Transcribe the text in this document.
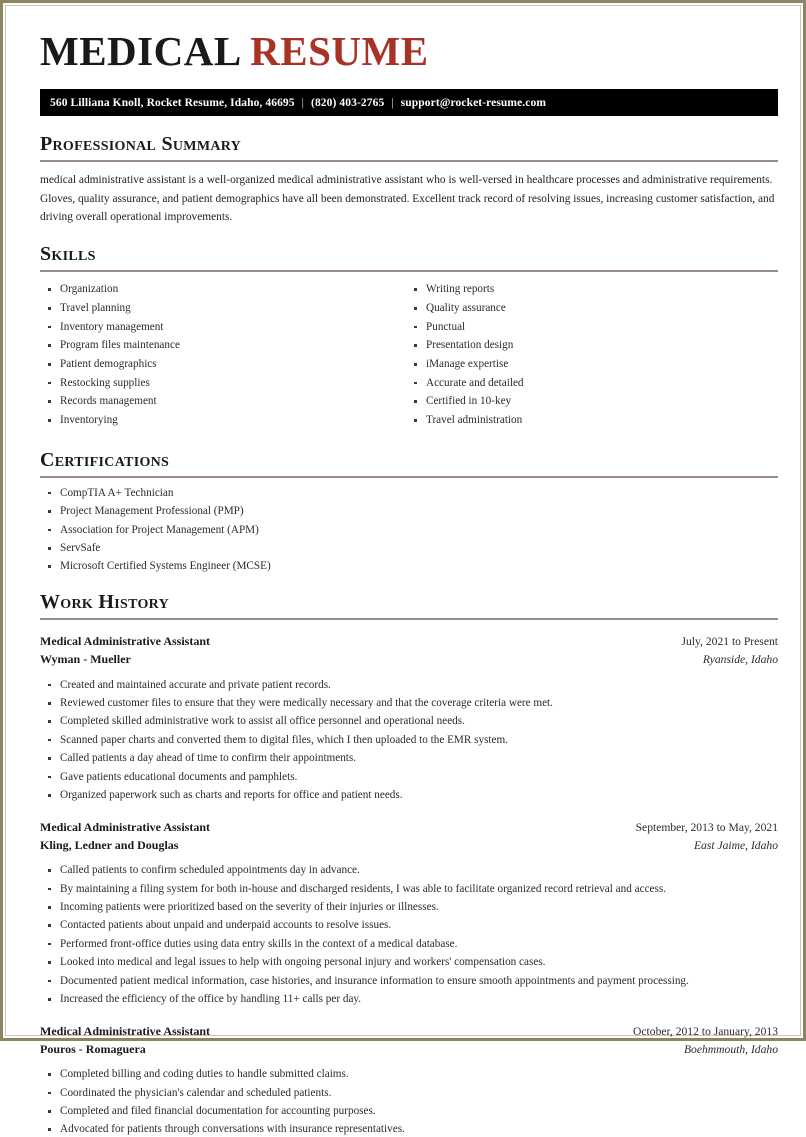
MEDICAL RESUME
560 Lilliana Knoll, Rocket Resume, Idaho, 46695 | (820) 403-2765 | support@rocket-resume.com
Professional Summary

medical administrative assistant is a well-organized medical administrative assistant who is well-versed in healthcare processes and administrative requirements. Gloves, quality assurance, and patient demographics have all been demonstrated. Excellent track record of resolving issues, increasing customer satisfaction, and driving overall operational improvements.

Skills
Organization
Travel planning
Inventory management
Program files maintenance
Patient demographics
Restocking supplies
Records management
Inventorying
Writing reports
Quality assurance
Punctual
Presentation design
iManage expertise
Accurate and detailed
Certified in 10-key
Travel administration
Certifications
CompTIA A+ Technician
Project Management Professional (PMP)
Association for Project Management (APM)
ServSafe
Microsoft Certified Systems Engineer (MCSE)
Work History
Medical Administrative Assistant	July, 2021 to Present
Wyman - Mueller	Ryanside, Idaho
Created and maintained accurate and private patient records.
Reviewed customer files to ensure that they were medically necessary and that the coverage criteria were met.
Completed skilled administrative work to assist all office personnel and operational needs.
Scanned paper charts and converted them to digital files, which I then uploaded to the EMR system.
Called patients a day ahead of time to confirm their appointments.
Gave patients educational documents and pamphlets.
Organized paperwork such as charts and reports for office and patient needs.
Medical Administrative Assistant	September, 2013 to May, 2021
Kling, Ledner and Douglas	East Jaime, Idaho
Called patients to confirm scheduled appointments day in advance.
By maintaining a filing system for both in-house and discharged residents, I was able to facilitate organized record retrieval and access.
Incoming patients were prioritized based on the severity of their injuries or illnesses.
Contacted patients about unpaid and underpaid accounts to resolve issues.
Performed front-office duties using data entry skills in the context of a medical database.
Looked into medical and legal issues to help with ongoing personal injury and workers' compensation cases.
Documented patient medical information, case histories, and insurance information to ensure smooth appointments and payment processing.
Increased the efficiency of the office by handling 11+ calls per day.
Medical Administrative Assistant	October, 2012 to January, 2013
Pouros - Romaguera	Boehmmouth, Idaho
Completed billing and coding duties to handle submitted claims.
Coordinated the physician's calendar and scheduled patients.
Completed and filed financial documentation for accounting purposes.
Advocated for patients through conversations with insurance representatives.
